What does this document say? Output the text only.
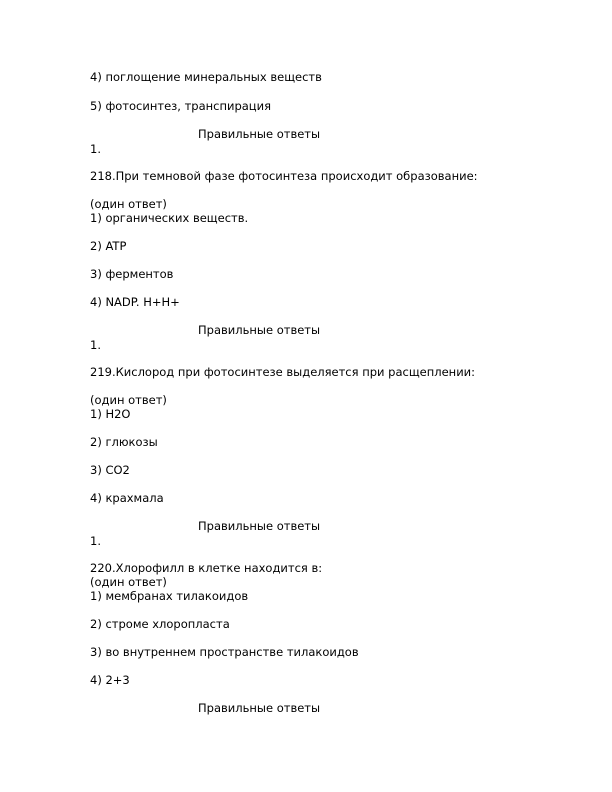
4) поглощение минеральных веществ
5) фотосинтез, транспирация
Правильные ответы
1.
218.При темновой фазе фотосинтеза происходит образование:
(один ответ)
1) органических веществ.
2) ATP
3) ферментов
4) NADP. H+H+
Правильные ответы
1.
219.Кислород при фотосинтезе выделяется при расщеплении:
(один ответ)
1) H2O
2) глюкозы
3) CO2
4) крахмала
Правильные ответы
1.
220.Хлорофилл в клетке находится в:
(один ответ)
1) мембранах тилакоидов
2) строме хлоропласта
3) во внутреннем пространстве тилакоидов
4) 2+3
Правильные ответы
